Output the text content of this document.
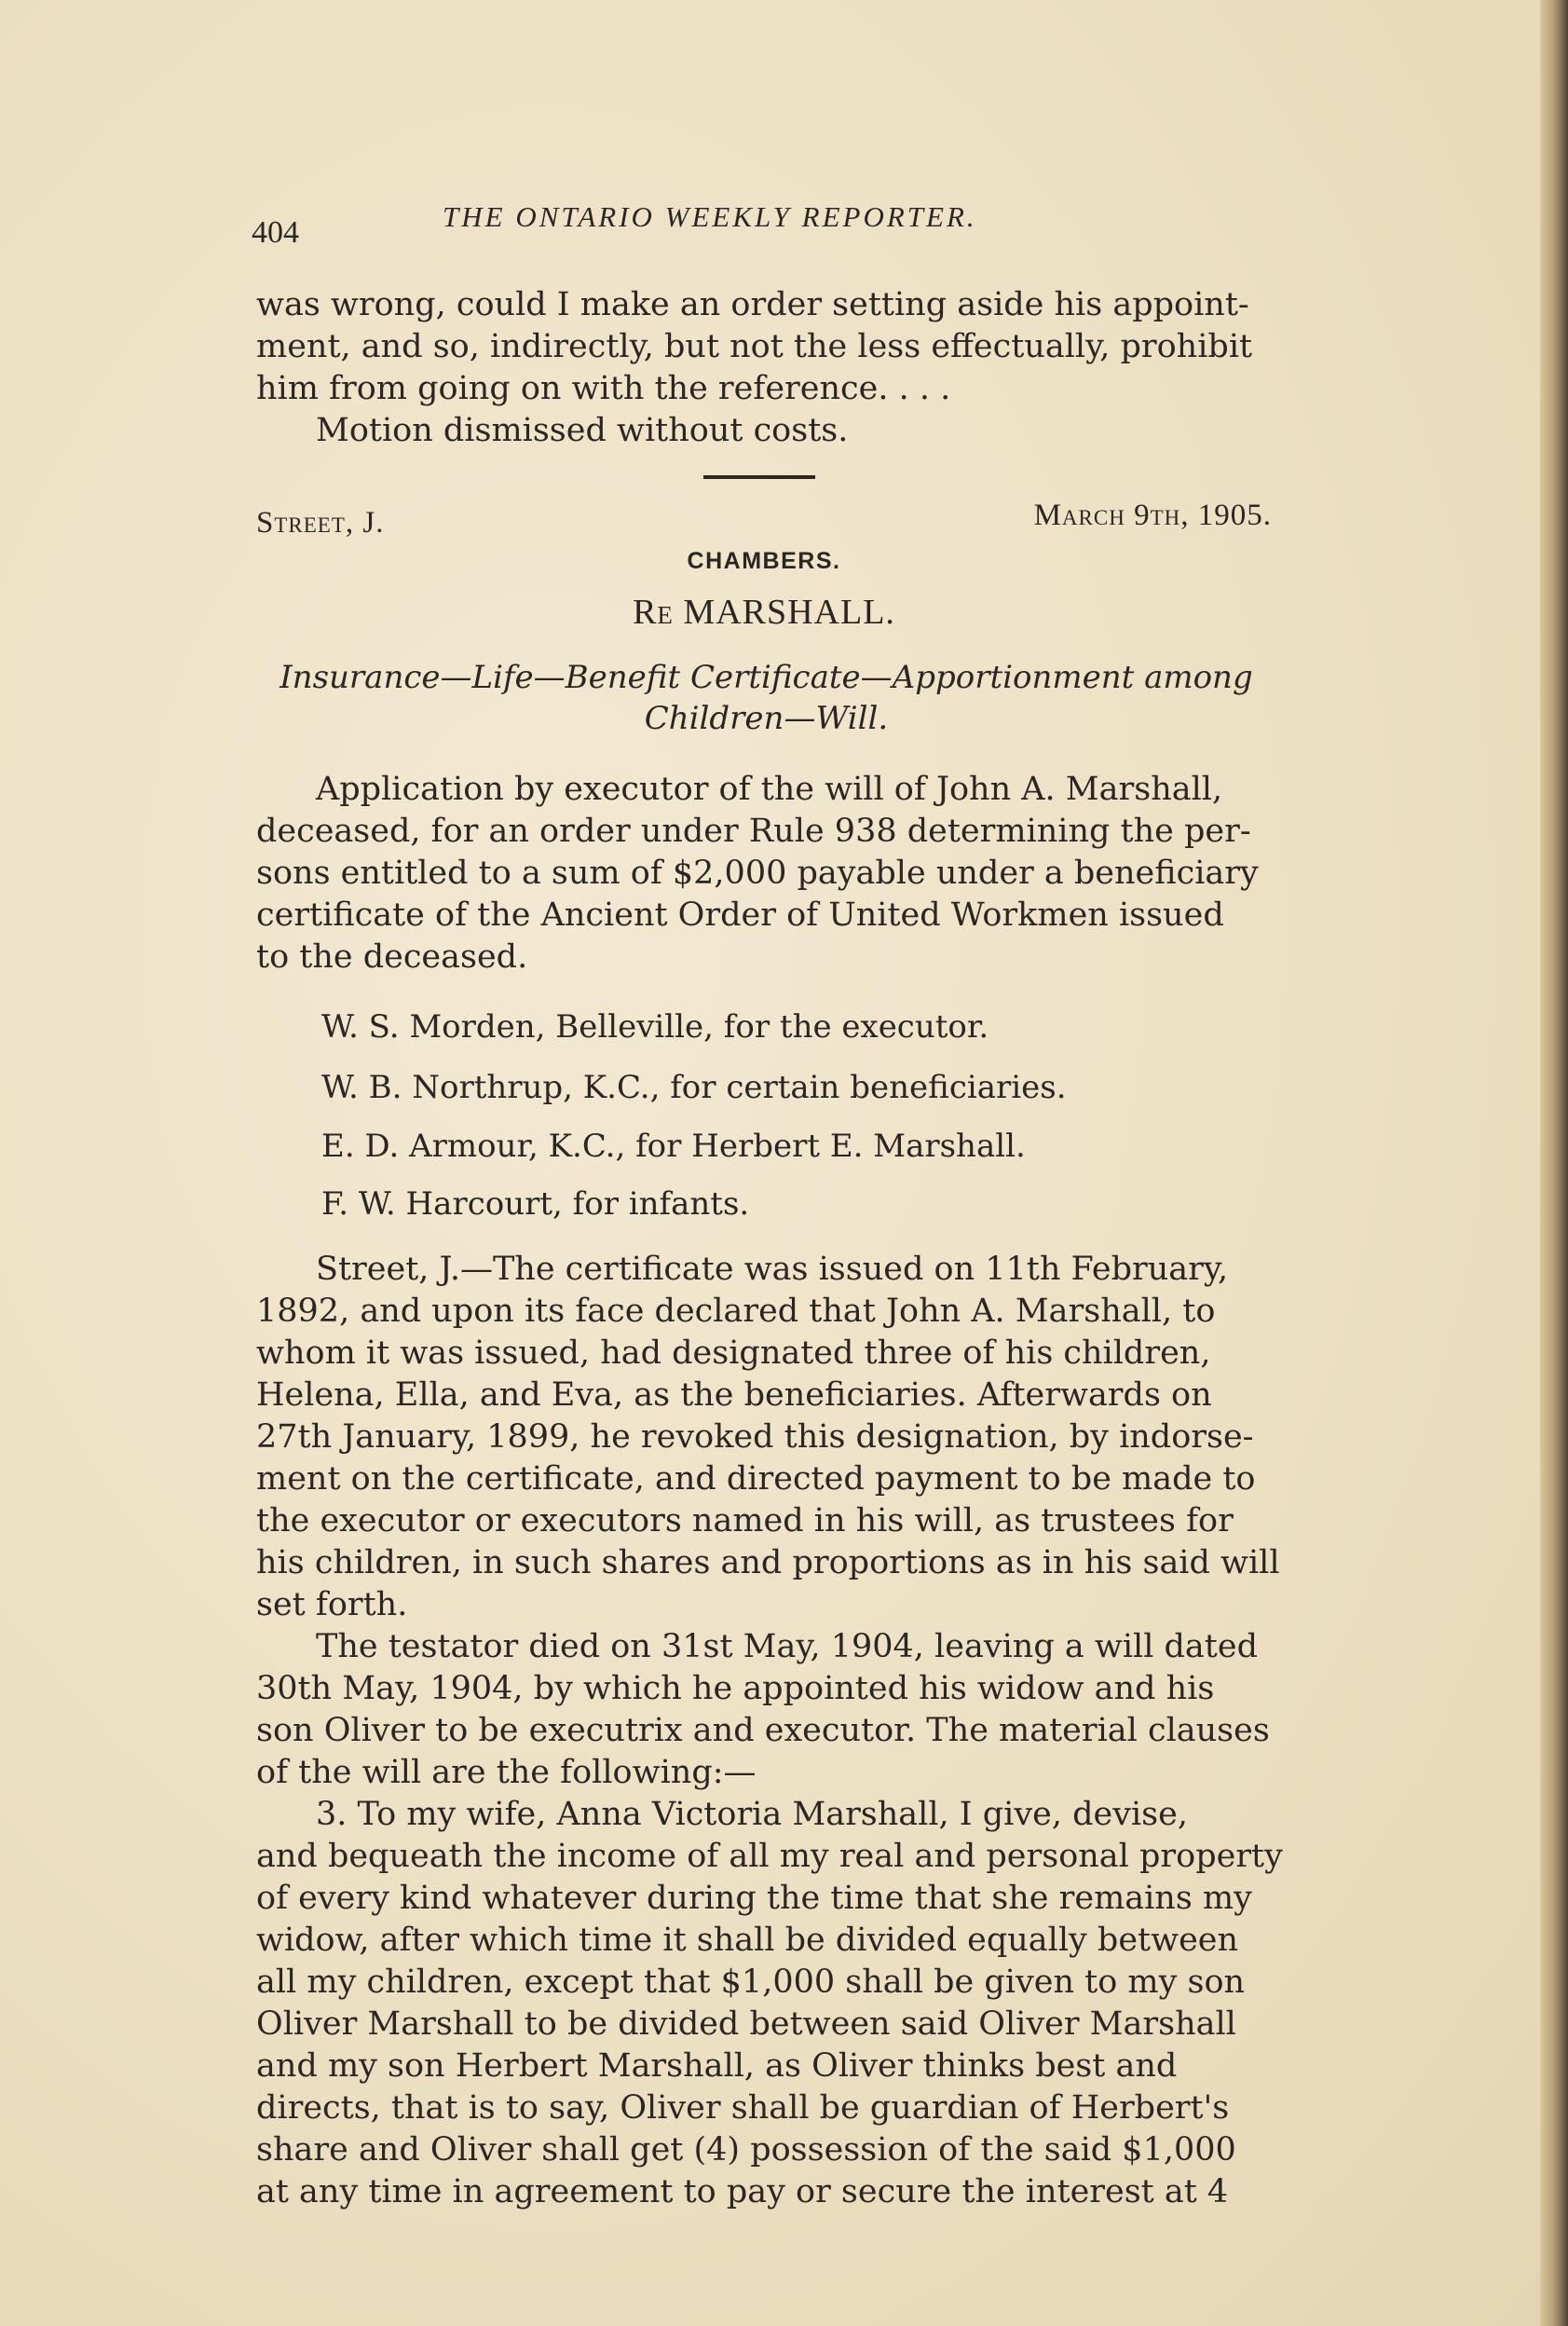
404	THE ONTARIO WEEKLY REPORTER.

was wrong, could I make an order setting aside his appoint-

ment, and so, indirectly, but not the less effectually, prohibit

him from going on with the reference. . . .

Motion dismissed without costs.

Street, J.	March 9th, 1905.
CHAMBERS.
Re MARSHALL.
Insurance—Life—Benefit Certificate—Apportionment among
Children—Will.

Application by executor of the will of John A. Marshall,

deceased, for an order under Rule 938 determining the per-

sons entitled to a sum of $2,000 payable under a beneficiary

certificate of the Ancient Order of United Workmen issued

to the deceased.

W. S. Morden, Belleville, for the executor.
W. B. Northrup, K.C., for certain beneficiaries.
E. D. Armour, K.C., for Herbert E. Marshall.
F. W. Harcourt, for infants.

Street, J.—The certificate was issued on 11th February,

1892, and upon its face declared that John A. Marshall, to

whom it was issued, had designated three of his children,

Helena, Ella, and Eva, as the beneficiaries. Afterwards on

27th January, 1899, he revoked this designation, by indorse-

ment on the certificate, and directed payment to be made to

the executor or executors named in his will, as trustees for

his children, in such shares and proportions as in his said will

set forth.

The testator died on 31st May, 1904, leaving a will dated

30th May, 1904, by which he appointed his widow and his

son Oliver to be executrix and executor. The material clauses

of the will are the following:—

3. To my wife, Anna Victoria Marshall, I give, devise,

and bequeath the income of all my real and personal property

of every kind whatever during the time that she remains my

widow, after which time it shall be divided equally between

all my children, except that $1,000 shall be given to my son

Oliver Marshall to be divided between said Oliver Marshall

and my son Herbert Marshall, as Oliver thinks best and

directs, that is to say, Oliver shall be guardian of Herbert's

share and Oliver shall get (4) possession of the said $1,000

at any time in agreement to pay or secure the interest at 4
